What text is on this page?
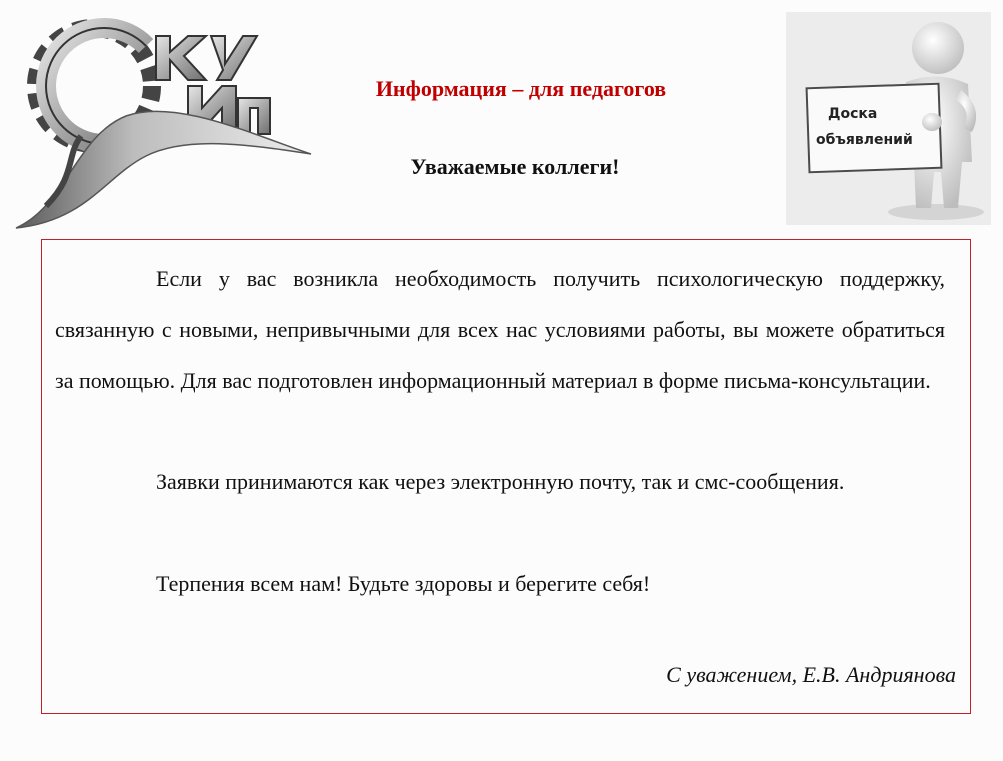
Информация – для педагогов
Уважаемые коллеги!
Доска
объявлений

Если у вас возникла необходимость получить психологическую поддержку, связанную с новыми, непривычными для всех нас условиями работы, вы можете обратиться за помощью. Для вас подготовлен информационный материал в форме письма-консультации.

Заявки принимаются как через электронную почту, так и смс-сообщения.

Терпения всем нам! Будьте здоровы и берегите себя!

С уважением, Е.В. Андриянова
